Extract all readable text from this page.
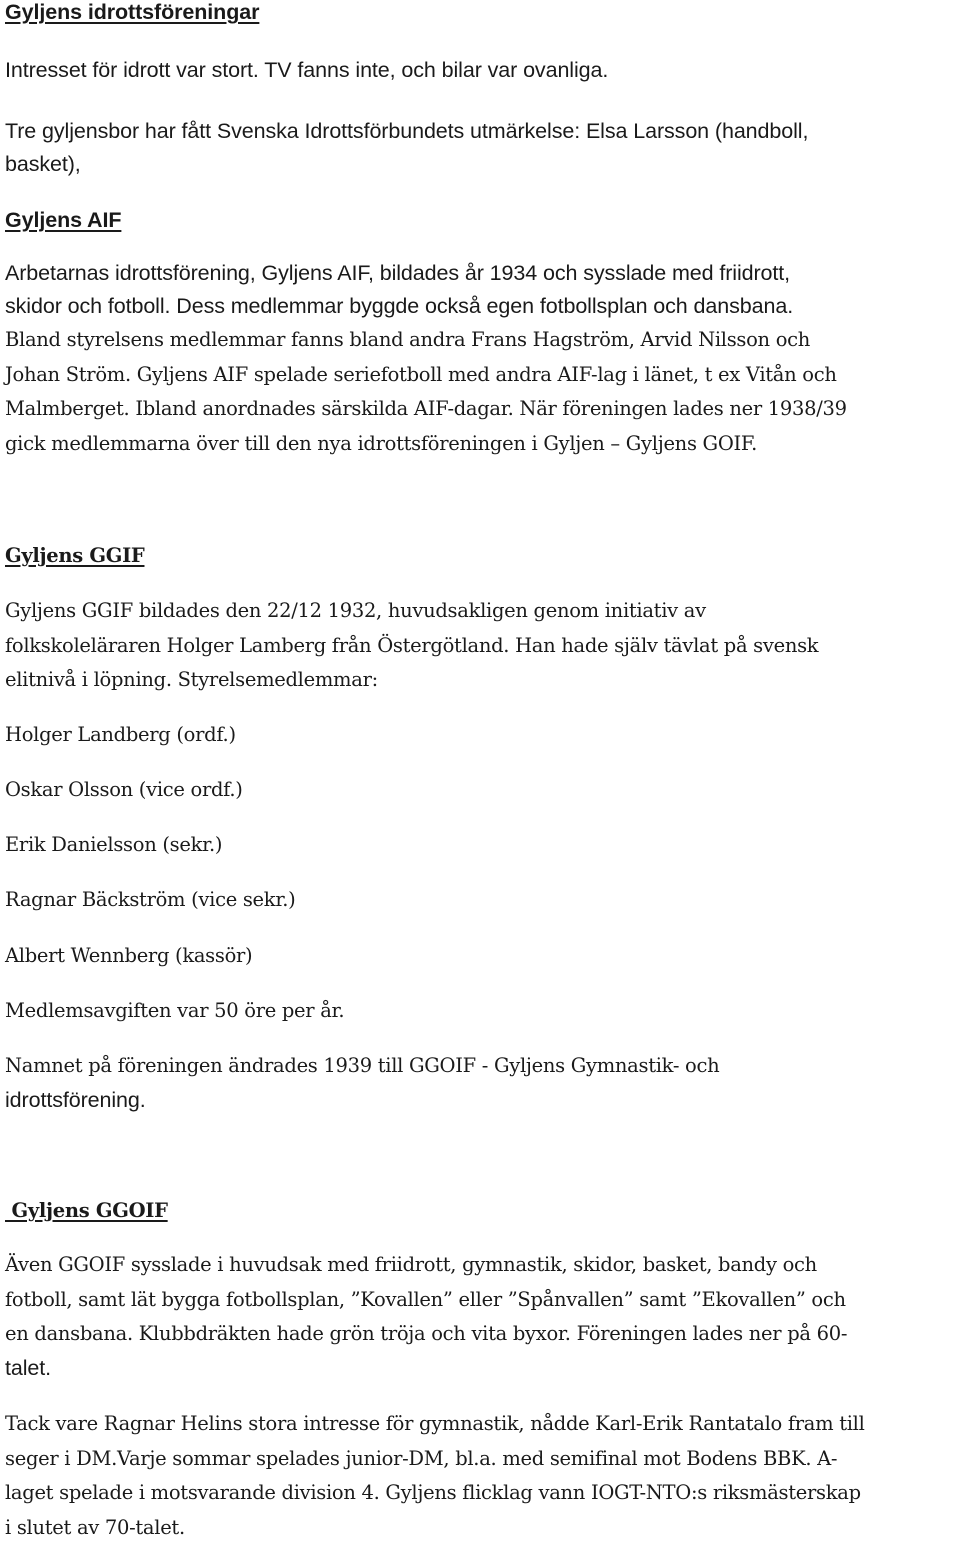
Gyljens idrottsföreningar

Intresset för idrott var stort. TV fanns inte, och bilar var ovanliga.

Tre gyljensbor har fått Svenska Idrottsförbundets utmärkelse: Elsa Larsson (handboll,
basket),

Gyljens AIF

Arbetarnas idrottsförening, Gyljens AIF, bildades år 1934 och sysslade med friidrott,
skidor och fotboll. Dess medlemmar byggde också egen fotbollsplan och dansbana.
Bland styrelsens medlemmar fanns bland andra Frans Hagström, Arvid Nilsson och
Johan Ström. Gyljens AIF spelade seriefotboll med andra AIF-lag i länet, t ex Vitån och
Malmberget. Ibland anordnades särskilda AIF-dagar. När föreningen lades ner 1938/39
gick medlemmarna över till den nya idrottsföreningen i Gyljen – Gyljens GOIF.

Gyljens GGIF

Gyljens GGIF bildades den 22/12 1932, huvudsakligen genom initiativ av
folkskoleläraren Holger Lamberg från Östergötland. Han hade själv tävlat på svensk
elitnivå i löpning. Styrelsemedlemmar:

Holger Landberg (ordf.)

Oskar Olsson (vice ordf.)

Erik Danielsson (sekr.)

Ragnar Bäckström (vice sekr.)

Albert Wennberg (kassör)

Medlemsavgiften var 50 öre per år.

Namnet på föreningen ändrades 1939 till GGOIF - Gyljens Gymnastik- och
idrottsförening.

Gyljens GGOIF

Även GGOIF sysslade i huvudsak med friidrott, gymnastik, skidor, basket, bandy och
fotboll, samt lät bygga fotbollsplan, ”Kovallen” eller ”Spånvallen” samt ”Ekovallen” och
en dansbana. Klubbdräkten hade grön tröja och vita byxor. Föreningen lades ner på 60-
talet.
Tack vare Ragnar Helins stora intresse för gymnastik, nådde Karl-Erik Rantatalo fram till
seger i DM.Varje sommar spelades junior-DM, bl.a. med semifinal mot Bodens BBK. A-
laget spelade i motsvarande division 4. Gyljens flicklag vann IOGT-NTO:s riksmästerskap
i slutet av 70-talet.
